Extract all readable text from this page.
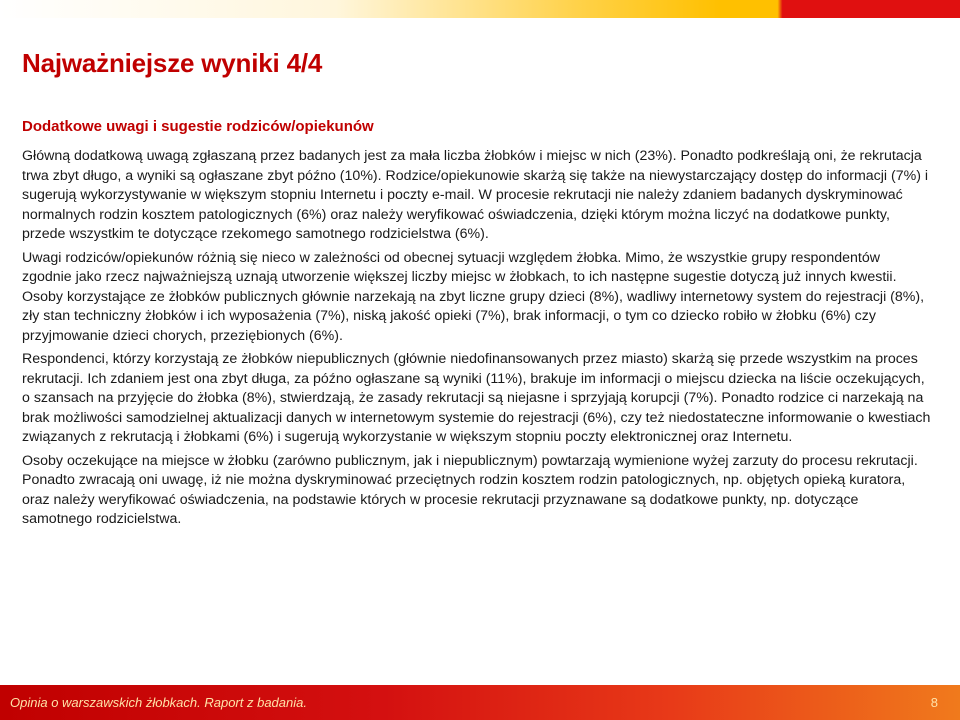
Najważniejsze wyniki 4/4
Dodatkowe uwagi i sugestie rodziców/opiekunów

Główną dodatkową uwagą zgłaszaną przez badanych jest za mała liczba żłobków i miejsc w nich (23%). Ponadto podkreślają oni, że rekrutacja trwa zbyt długo, a wyniki są ogłaszane zbyt późno (10%). Rodzice/opiekunowie skarżą się także na niewystarczający dostęp do informacji (7%) i sugerują wykorzystywanie w większym stopniu Internetu i poczty e-mail. W procesie rekrutacji nie należy zdaniem badanych dyskryminować normalnych rodzin kosztem patologicznych (6%) oraz należy weryfikować oświadczenia, dzięki którym można liczyć na dodatkowe punkty, przede wszystkim te dotyczące rzekomego samotnego rodzicielstwa (6%).

Uwagi rodziców/opiekunów różnią się nieco w zależności od obecnej sytuacji względem żłobka. Mimo, że wszystkie grupy respondentów zgodnie jako rzecz najważniejszą uznają utworzenie większej liczby miejsc w żłobkach, to ich następne sugestie dotyczą już innych kwestii. Osoby korzystające ze żłobków publicznych głównie narzekają na zbyt liczne grupy dzieci (8%), wadliwy internetowy system do rejestracji (8%), zły stan techniczny żłobków i ich wyposażenia (7%), niską jakość opieki (7%), brak informacji, o tym co dziecko robiło w żłobku (6%) czy przyjmowanie dzieci chorych, przeziębionych (6%).

Respondenci, którzy korzystają ze żłobków niepublicznych (głównie niedofinansowanych przez miasto) skarżą się przede wszystkim na proces rekrutacji. Ich zdaniem jest ona zbyt długa, za późno ogłaszane są wyniki (11%), brakuje im informacji o miejscu dziecka na liście oczekujących, o szansach na przyjęcie do żłobka (8%), stwierdzają, że zasady rekrutacji są niejasne i sprzyjają korupcji (7%). Ponadto rodzice ci narzekają na brak możliwości samodzielnej aktualizacji danych w internetowym systemie do rejestracji (6%), czy też niedostateczne informowanie o kwestiach związanych z rekrutacją i żłobkami (6%) i sugerują wykorzystanie w większym stopniu poczty elektronicznej oraz Internetu.

Osoby oczekujące na miejsce w żłobku (zarówno publicznym, jak i niepublicznym) powtarzają wymienione wyżej zarzuty do procesu rekrutacji. Ponadto zwracają oni uwagę, iż nie można dyskryminować przeciętnych rodzin kosztem rodzin patologicznych, np. objętych opieką kuratora, oraz należy weryfikować oświadczenia, na podstawie których w procesie rekrutacji przyznawane są dodatkowe punkty, np. dotyczące samotnego rodzicielstwa.

Opinia o warszawskich żłobkach. Raport z badania.	8
